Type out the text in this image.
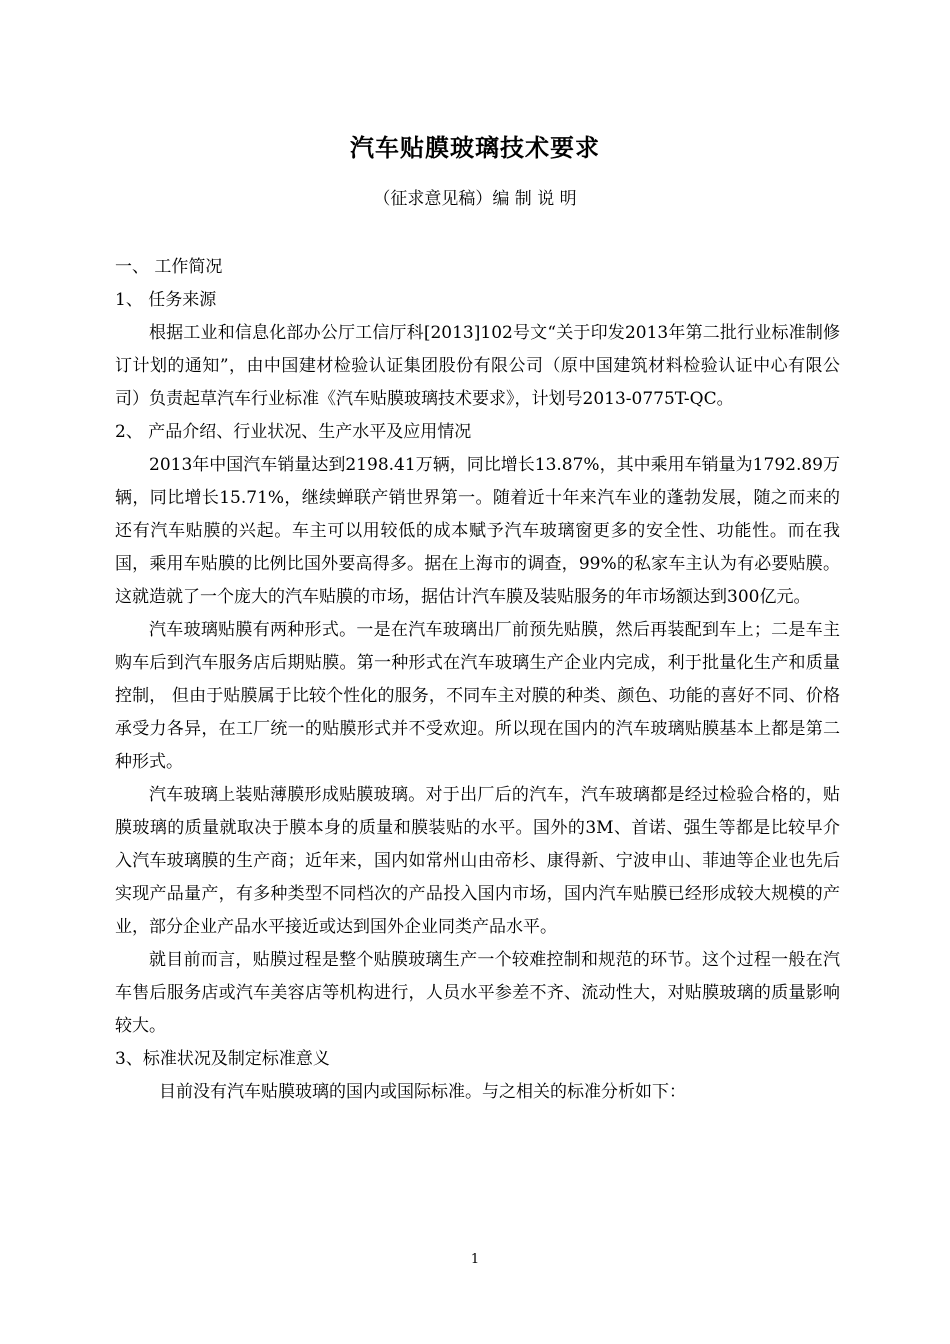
汽车贴膜玻璃技术要求
（征求意见稿）编 制 说 明

一、 工作简况

1、 任务来源

根据工业和信息化部办公厅工信厅科[2013]102号文“关于印发2013年第二批行业标准制修订计划的通知”，由中国建材检验认证集团股份有限公司（原中国建筑材料检验认证中心有限公司）负责起草汽车行业标准《汽车贴膜玻璃技术要求》，计划号2013-0775T-QC。

2、 产品介绍、行业状况、生产水平及应用情况

2013年中国汽车销量达到2198.41万辆，同比增长13.87%，其中乘用车销量为1792.89万辆，同比增长15.71%，继续蝉联产销世界第一。随着近十年来汽车业的蓬勃发展，随之而来的还有汽车贴膜的兴起。车主可以用较低的成本赋予汽车玻璃窗更多的安全性、功能性。而在我国，乘用车贴膜的比例比国外要高得多。据在上海市的调查，99%的私家车主认为有必要贴膜。这就造就了一个庞大的汽车贴膜的市场，据估计汽车膜及装贴服务的年市场额达到300亿元。

汽车玻璃贴膜有两种形式。一是在汽车玻璃出厂前预先贴膜，然后再装配到车上；二是车主购车后到汽车服务店后期贴膜。第一种形式在汽车玻璃生产企业内完成，利于批量化生产和质量控制， 但由于贴膜属于比较个性化的服务，不同车主对膜的种类、颜色、功能的喜好不同、价格承受力各异，在工厂统一的贴膜形式并不受欢迎。所以现在国内的汽车玻璃贴膜基本上都是第二种形式。

汽车玻璃上装贴薄膜形成贴膜玻璃。对于出厂后的汽车，汽车玻璃都是经过检验合格的，贴膜玻璃的质量就取决于膜本身的质量和膜装贴的水平。国外的3M、首诺、强生等都是比较早介入汽车玻璃膜的生产商；近年来，国内如常州山由帝杉、康得新、宁波申山、菲迪等企业也先后实现产品量产，有多种类型不同档次的产品投入国内市场，国内汽车贴膜已经形成较大规模的产业，部分企业产品水平接近或达到国外企业同类产品水平。

就目前而言，贴膜过程是整个贴膜玻璃生产一个较难控制和规范的环节。这个过程一般在汽车售后服务店或汽车美容店等机构进行，人员水平参差不齐、流动性大，对贴膜玻璃的质量影响较大。

3、标准状况及制定标准意义

目前没有汽车贴膜玻璃的国内或国际标准。与之相关的标准分析如下：

1
